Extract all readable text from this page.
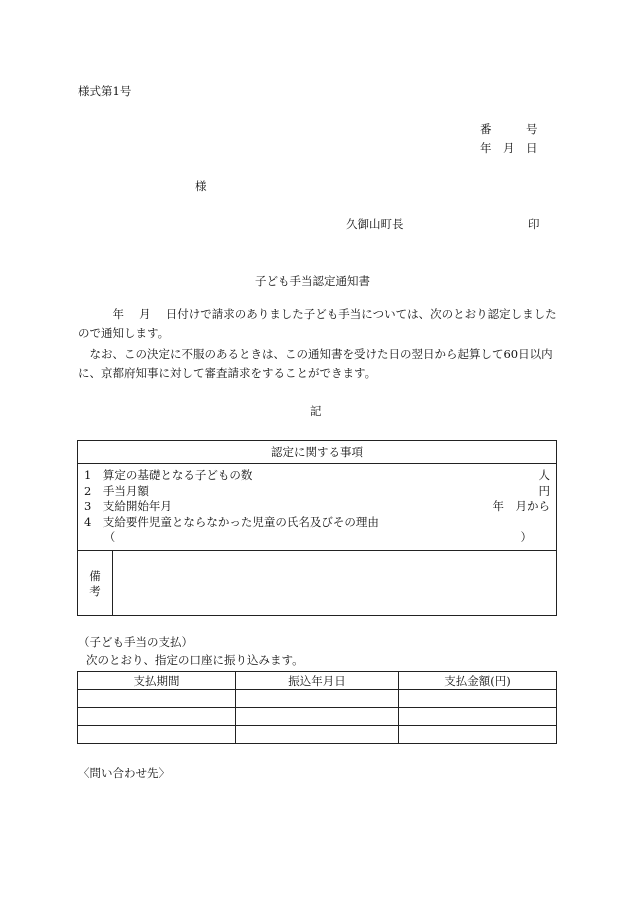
様式第1号
番　　　号
年　月　日
様
久御山町長	印
子ども手当認定通知書
　　　年　 月　 日付けで請求のありました子ども手当については、次のとおり認定しましたので通知します。
　なお、この決定に不服のあるときは、この通知書を受けた日の翌日から起算して60日以内に、京都府知事に対して審査請求をすることができます。
記
認定に関する事項

1　算定の基礎となる子どもの数	人
2　手当月額	円
3　支給開始年月	年　月から
4　支給要件児童とならなかった児童の氏名及びその理由
　（	）

備
考

（子ども手当の支払）
次のとおり、指定の口座に振り込みます。
支払期間	振込年月日	支払金額(円)

〈問い合わせ先〉
